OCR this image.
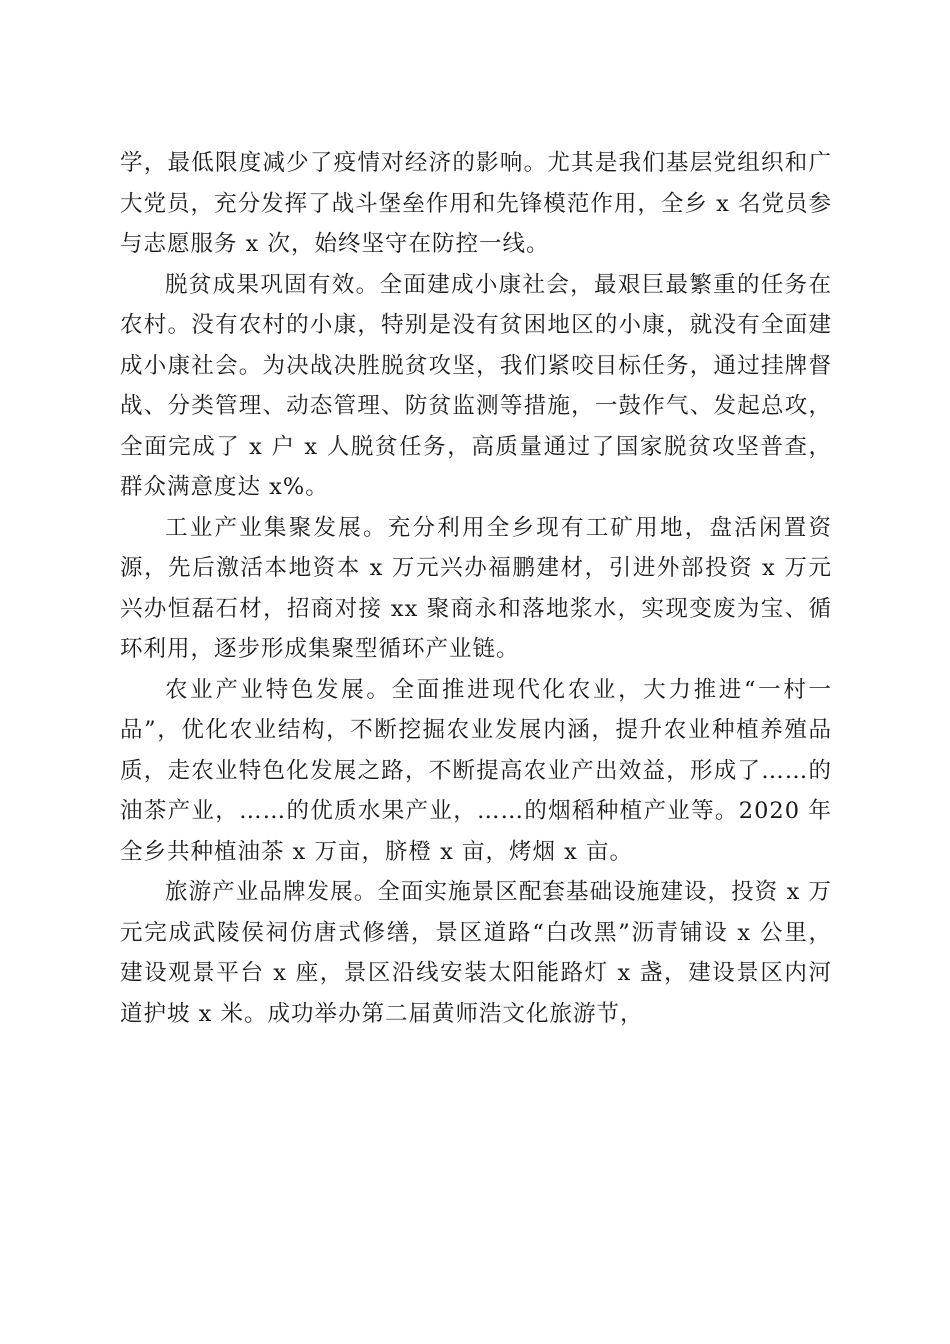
学，最低限度减少了疫情对经济的影响。尤其是我们基层党组织和广大党员，充分发挥了战斗堡垒作用和先锋模范作用，全乡 x 名党员参与志愿服务 x 次，始终坚守在防控一线。

脱贫成果巩固有效。全面建成小康社会，最艰巨最繁重的任务在农村。没有农村的小康，特别是没有贫困地区的小康，就没有全面建成小康社会。为决战决胜脱贫攻坚，我们紧咬目标任务，通过挂牌督战、分类管理、动态管理、防贫监测等措施，一鼓作气、发起总攻，全面完成了 x 户 x 人脱贫任务，高质量通过了国家脱贫攻坚普查，群众满意度达 x%。

工业产业集聚发展。充分利用全乡现有工矿用地，盘活闲置资源，先后激活本地资本 x 万元兴办福鹏建材，引进外部投资 x 万元兴办恒磊石材，招商对接 xx 聚商永和落地浆水，实现变废为宝、循环利用，逐步形成集聚型循环产业链。

农业产业特色发展。全面推进现代化农业，大力推进“一村一品”，优化农业结构，不断挖掘农业发展内涵，提升农业种植养殖品质，走农业特色化发展之路，不断提高农业产出效益，形成了……的油茶产业，……的优质水果产业，……的烟稻种植产业等。2020 年全乡共种植油茶 x 万亩，脐橙 x 亩，烤烟 x 亩。

旅游产业品牌发展。全面实施景区配套基础设施建设，投资 x 万元完成武陵侯祠仿唐式修缮，景区道路“白改黑”沥青铺设 x 公里，建设观景平台 x 座，景区沿线安装太阳能路灯 x 盏，建设景区内河道护坡 x 米。成功举办第二届黄师浩文化旅游节，
